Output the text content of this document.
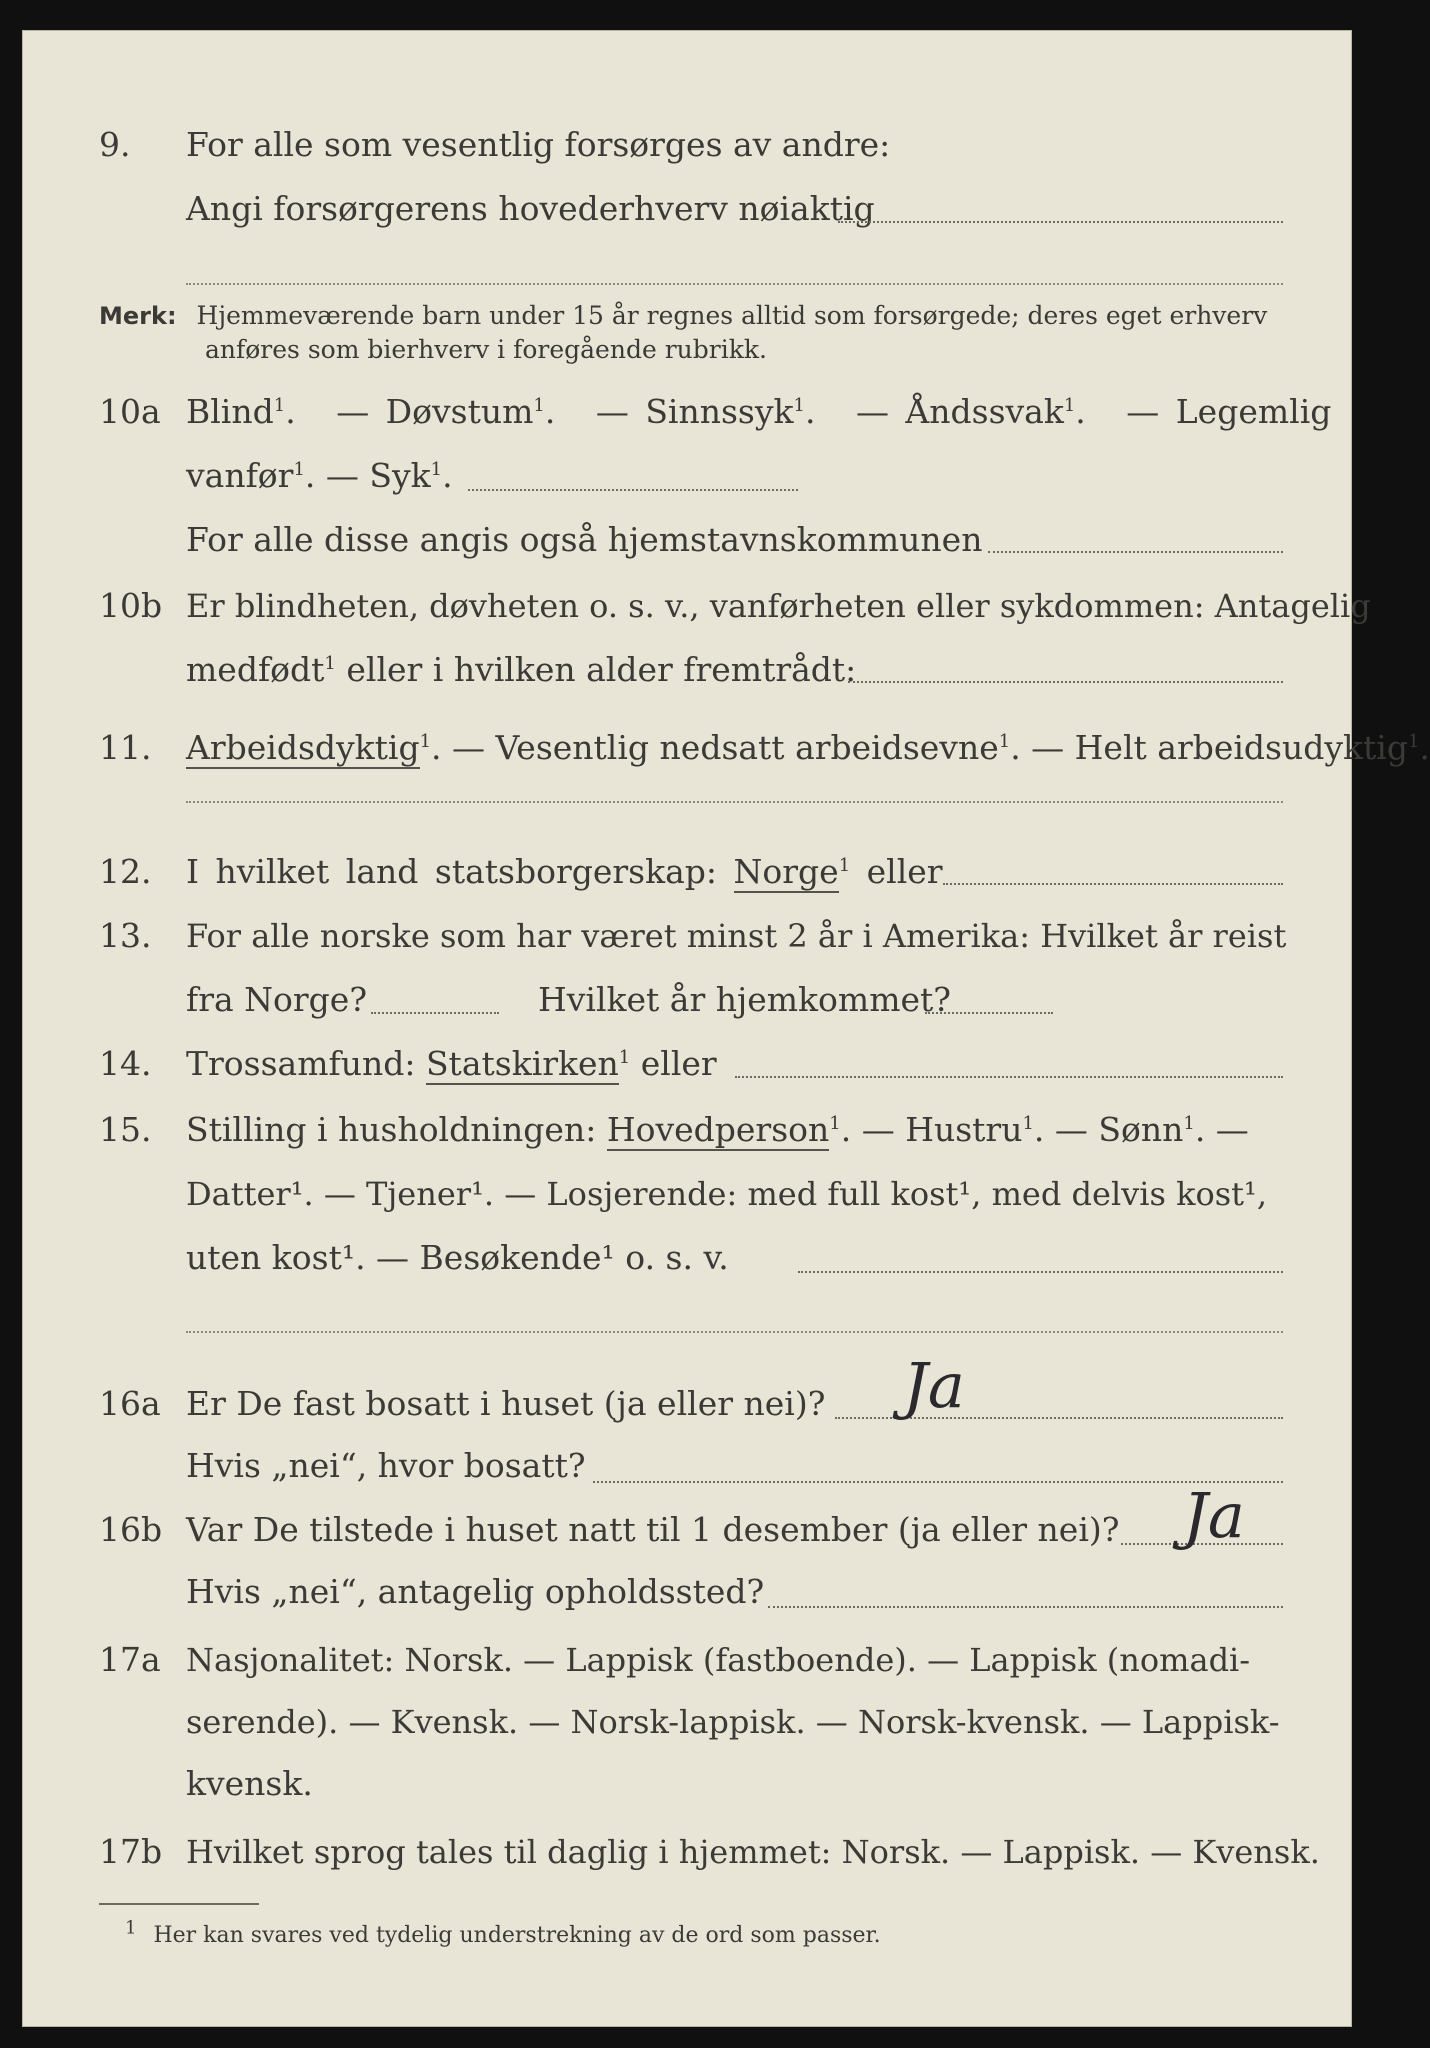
9. For alle som vesentlig forsørges av andre:
Angi forsørgerens hovederhverv nøiaktig
Merk: Hjemmeværende barn under 15 år regnes alltid som forsørgede; deres eget erhverv
anføres som bierhverv i foregående rubrikk.
10a Blind$^1$. — Døvstum$^1$. — Sinnssyk$^1$. — Åndssvak$^1$. — Legemlig
vanfør$^1$. — Syk$^1$.
For alle disse angis også hjemstavnskommunen
10b Er blindheten, døvheten o. s. v., vanførheten eller sykdommen: Antagelig
medfødt$^1$ eller i hvilken alder fremtrådt:
11. Arbeidsdyktig$^1$. — Vesentlig nedsatt arbeidsevne$^1$. — Helt arbeidsudyktig$^1$.
12. I hvilket land statsborgerskap: Norge$^1$ eller
13. For alle norske som har været minst 2 år i Amerika: Hvilket år reist
fra Norge?	Hvilket år hjemkommet?
14. Trossamfund: Statskirken$^1$ eller
15. Stilling i husholdningen: Hovedperson$^1$. — Hustru$^1$. — Sønn$^1$. —
Datter¹. — Tjener¹. — Losjerende: med full kost¹, med delvis kost¹,
uten kost¹. — Besøkende¹ o. s. v.
16a Er De fast bosatt i huset (ja eller nei)? Ja
Hvis „nei“, hvor bosatt?
16b Var De tilstede i huset natt til 1 desember (ja eller nei)? Ja
Hvis „nei“, antagelig opholdssted?
17a Nasjonalitet: Norsk. — Lappisk (fastboende). — Lappisk (nomadi-
serende). — Kvensk. — Norsk-lappisk. — Norsk-kvensk. — Lappisk-
kvensk.
17b Hvilket sprog tales til daglig i hjemmet: Norsk. — Lappisk. — Kvensk.
$^1$ Her kan svares ved tydelig understrekning av de ord som passer.
